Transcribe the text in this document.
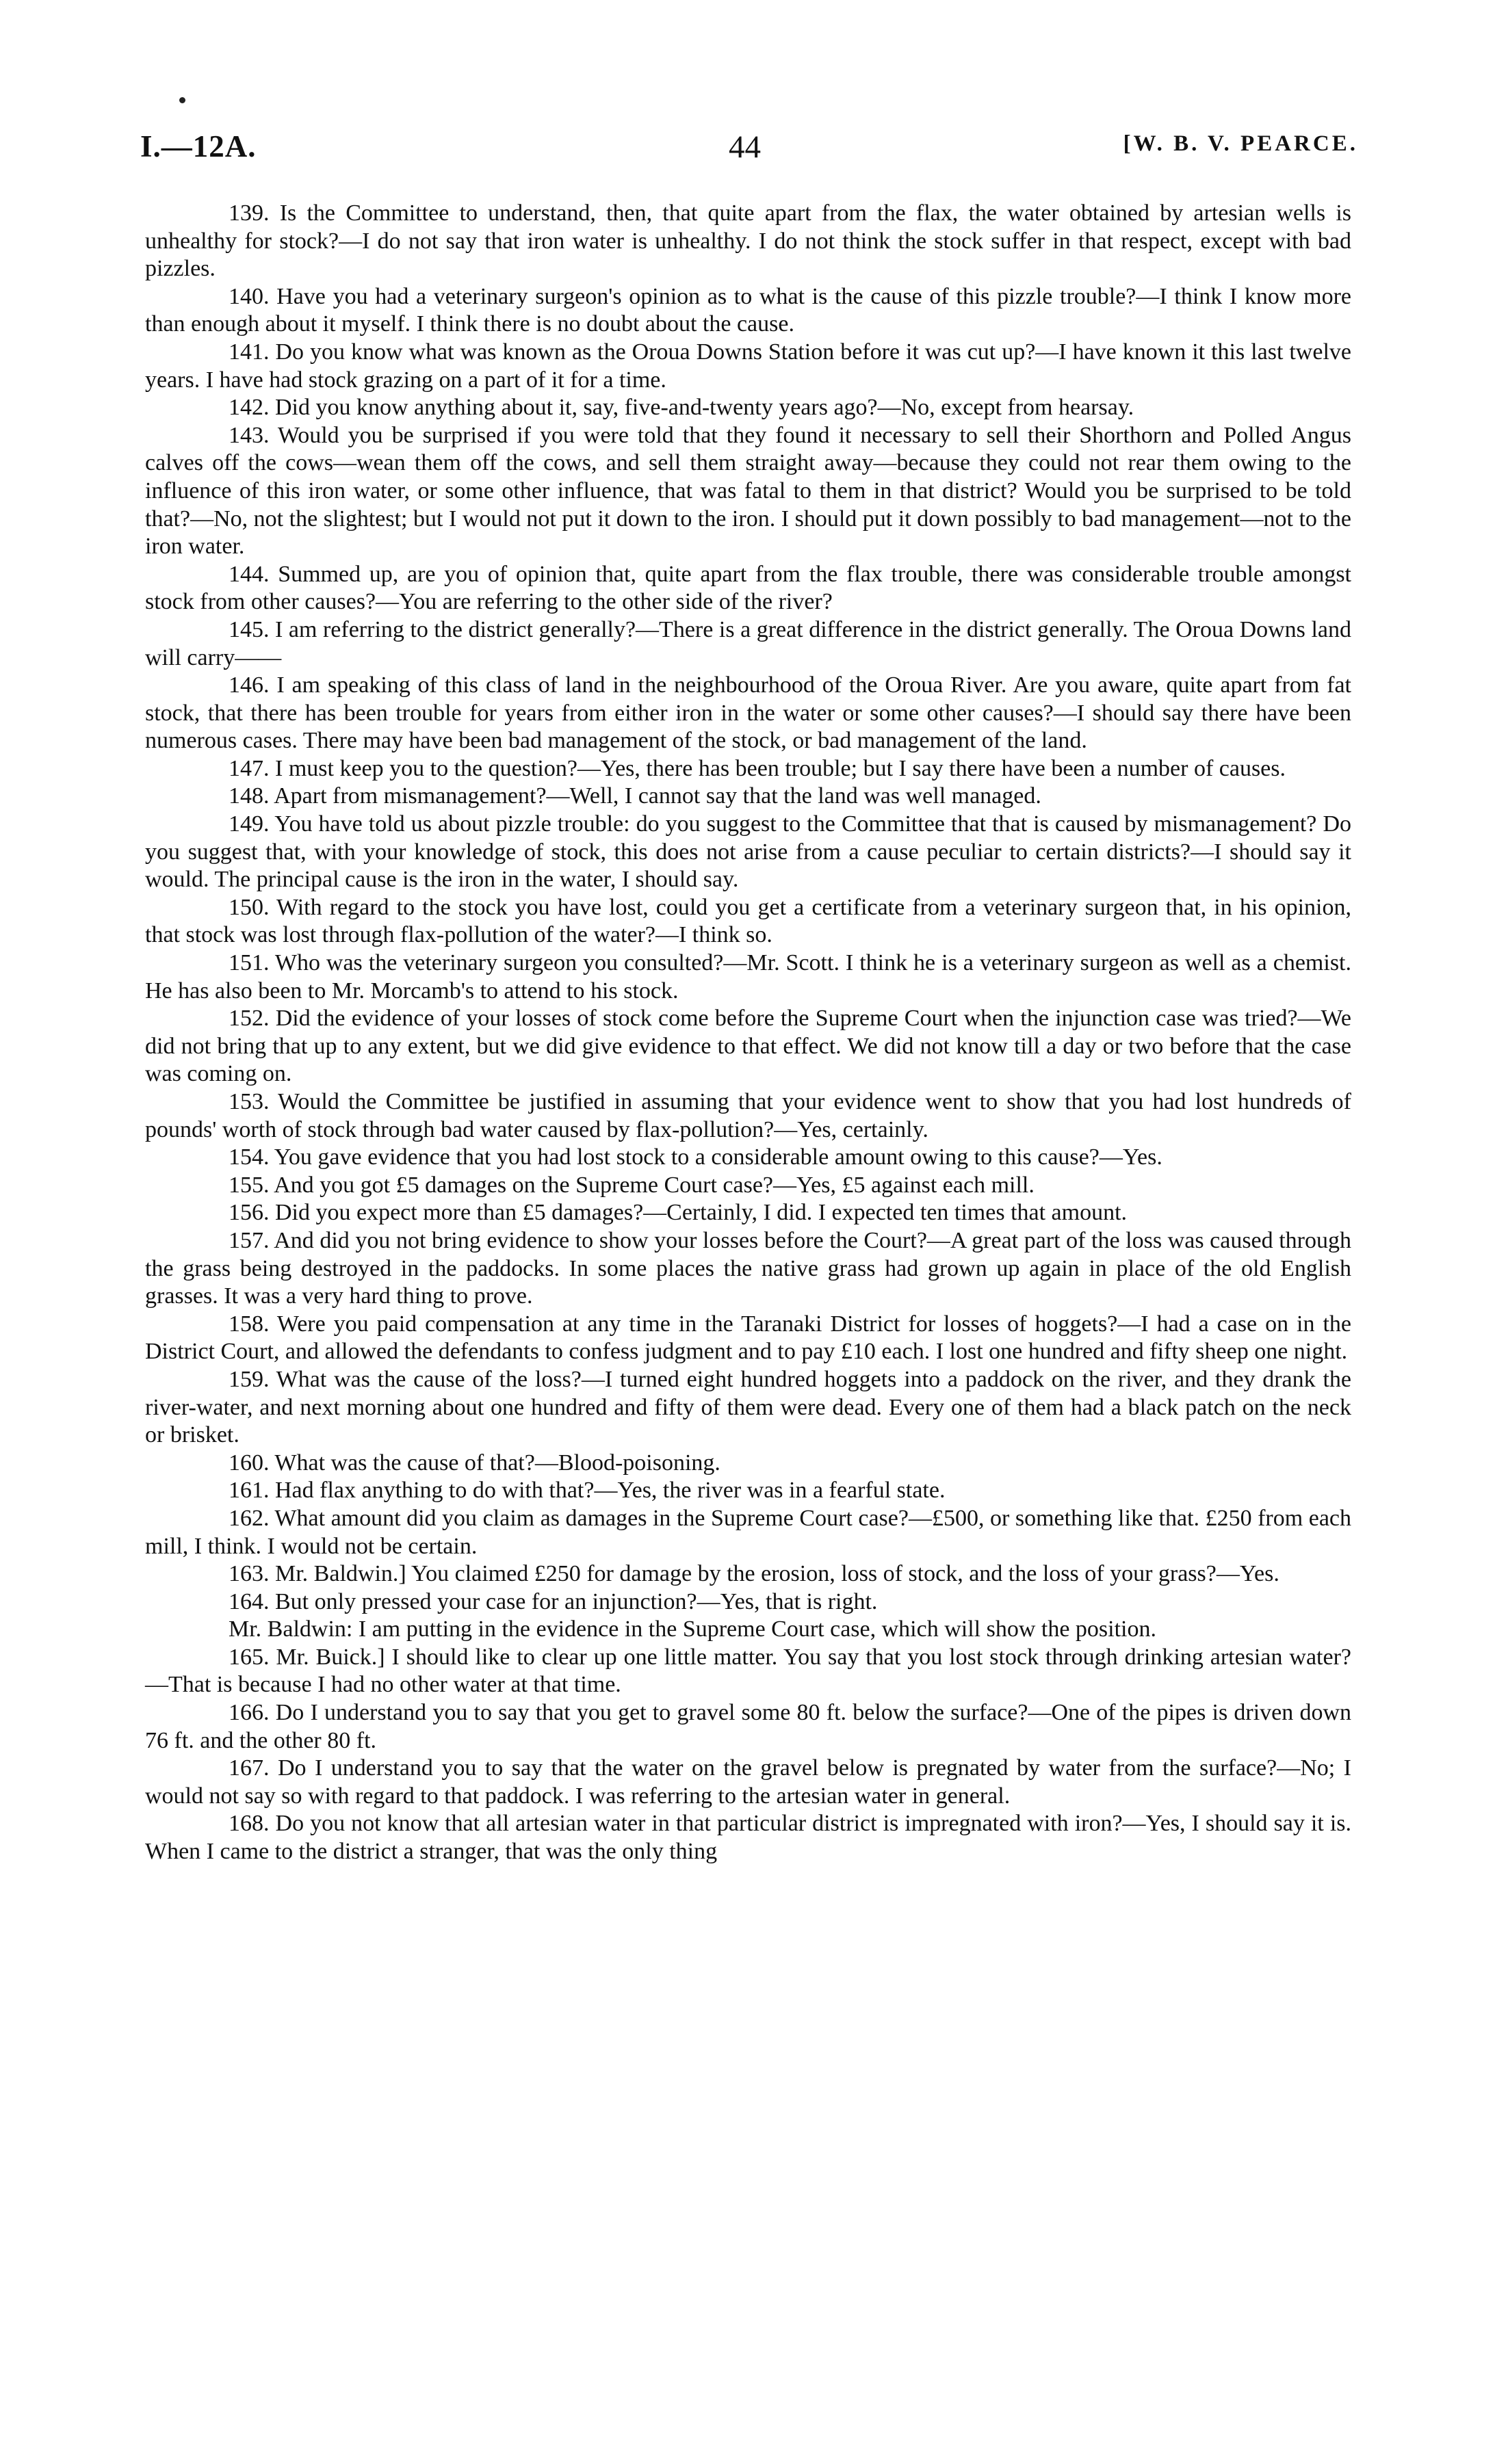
I.—12A.	44	[W. B. V. PEARCE.

139. Is the Committee to understand, then, that quite apart from the flax, the water obtained by artesian wells is unhealthy for stock?—I do not say that iron water is unhealthy. I do not think the stock suffer in that respect, except with bad pizzles.

140. Have you had a veterinary surgeon's opinion as to what is the cause of this pizzle trouble?—I think I know more than enough about it myself. I think there is no doubt about the cause.

141. Do you know what was known as the Oroua Downs Station before it was cut up?—I have known it this last twelve years. I have had stock grazing on a part of it for a time.

142. Did you know anything about it, say, five-and-twenty years ago?—No, except from hearsay.

143. Would you be surprised if you were told that they found it necessary to sell their Shorthorn and Polled Angus calves off the cows—wean them off the cows, and sell them straight away—because they could not rear them owing to the influence of this iron water, or some other influence, that was fatal to them in that district? Would you be surprised to be told that?—No, not the slightest; but I would not put it down to the iron. I should put it down possibly to bad management—not to the iron water.

144. Summed up, are you of opinion that, quite apart from the flax trouble, there was considerable trouble amongst stock from other causes?—You are referring to the other side of the river?

145. I am referring to the district generally?—There is a great difference in the district generally. The Oroua Downs land will carry——

146. I am speaking of this class of land in the neighbourhood of the Oroua River. Are you aware, quite apart from fat stock, that there has been trouble for years from either iron in the water or some other causes?—I should say there have been numerous cases. There may have been bad management of the stock, or bad management of the land.

147. I must keep you to the question?—Yes, there has been trouble; but I say there have been a number of causes.

148. Apart from mismanagement?—Well, I cannot say that the land was well managed.

149. You have told us about pizzle trouble: do you suggest to the Committee that that is caused by mismanagement? Do you suggest that, with your knowledge of stock, this does not arise from a cause peculiar to certain districts?—I should say it would. The principal cause is the iron in the water, I should say.

150. With regard to the stock you have lost, could you get a certificate from a veterinary surgeon that, in his opinion, that stock was lost through flax-pollution of the water?—I think so.

151. Who was the veterinary surgeon you consulted?—Mr. Scott. I think he is a veterinary surgeon as well as a chemist. He has also been to Mr. Morcamb's to attend to his stock.

152. Did the evidence of your losses of stock come before the Supreme Court when the injunction case was tried?—We did not bring that up to any extent, but we did give evidence to that effect. We did not know till a day or two before that the case was coming on.

153. Would the Committee be justified in assuming that your evidence went to show that you had lost hundreds of pounds' worth of stock through bad water caused by flax-pollution?—Yes, certainly.

154. You gave evidence that you had lost stock to a considerable amount owing to this cause?—Yes.

155. And you got £5 damages on the Supreme Court case?—Yes, £5 against each mill.

156. Did you expect more than £5 damages?—Certainly, I did. I expected ten times that amount.

157. And did you not bring evidence to show your losses before the Court?—A great part of the loss was caused through the grass being destroyed in the paddocks. In some places the native grass had grown up again in place of the old English grasses. It was a very hard thing to prove.

158. Were you paid compensation at any time in the Taranaki District for losses of hoggets?—I had a case on in the District Court, and allowed the defendants to confess judgment and to pay £10 each. I lost one hundred and fifty sheep one night.

159. What was the cause of the loss?—I turned eight hundred hoggets into a paddock on the river, and they drank the river-water, and next morning about one hundred and fifty of them were dead. Every one of them had a black patch on the neck or brisket.

160. What was the cause of that?—Blood-poisoning.

161. Had flax anything to do with that?—Yes, the river was in a fearful state.

162. What amount did you claim as damages in the Supreme Court case?—£500, or something like that. £250 from each mill, I think. I would not be certain.

163. Mr. Baldwin.] You claimed £250 for damage by the erosion, loss of stock, and the loss of your grass?—Yes.

164. But only pressed your case for an injunction?—Yes, that is right.

Mr. Baldwin: I am putting in the evidence in the Supreme Court case, which will show the position.

165. Mr. Buick.] I should like to clear up one little matter. You say that you lost stock through drinking artesian water?—That is because I had no other water at that time.

166. Do I understand you to say that you get to gravel some 80 ft. below the surface?—One of the pipes is driven down 76 ft. and the other 80 ft.

167. Do I understand you to say that the water on the gravel below is pregnated by water from the surface?—No; I would not say so with regard to that paddock. I was referring to the artesian water in general.

168. Do you not know that all artesian water in that particular district is impregnated with iron?—Yes, I should say it is. When I came to the district a stranger, that was the only thing
